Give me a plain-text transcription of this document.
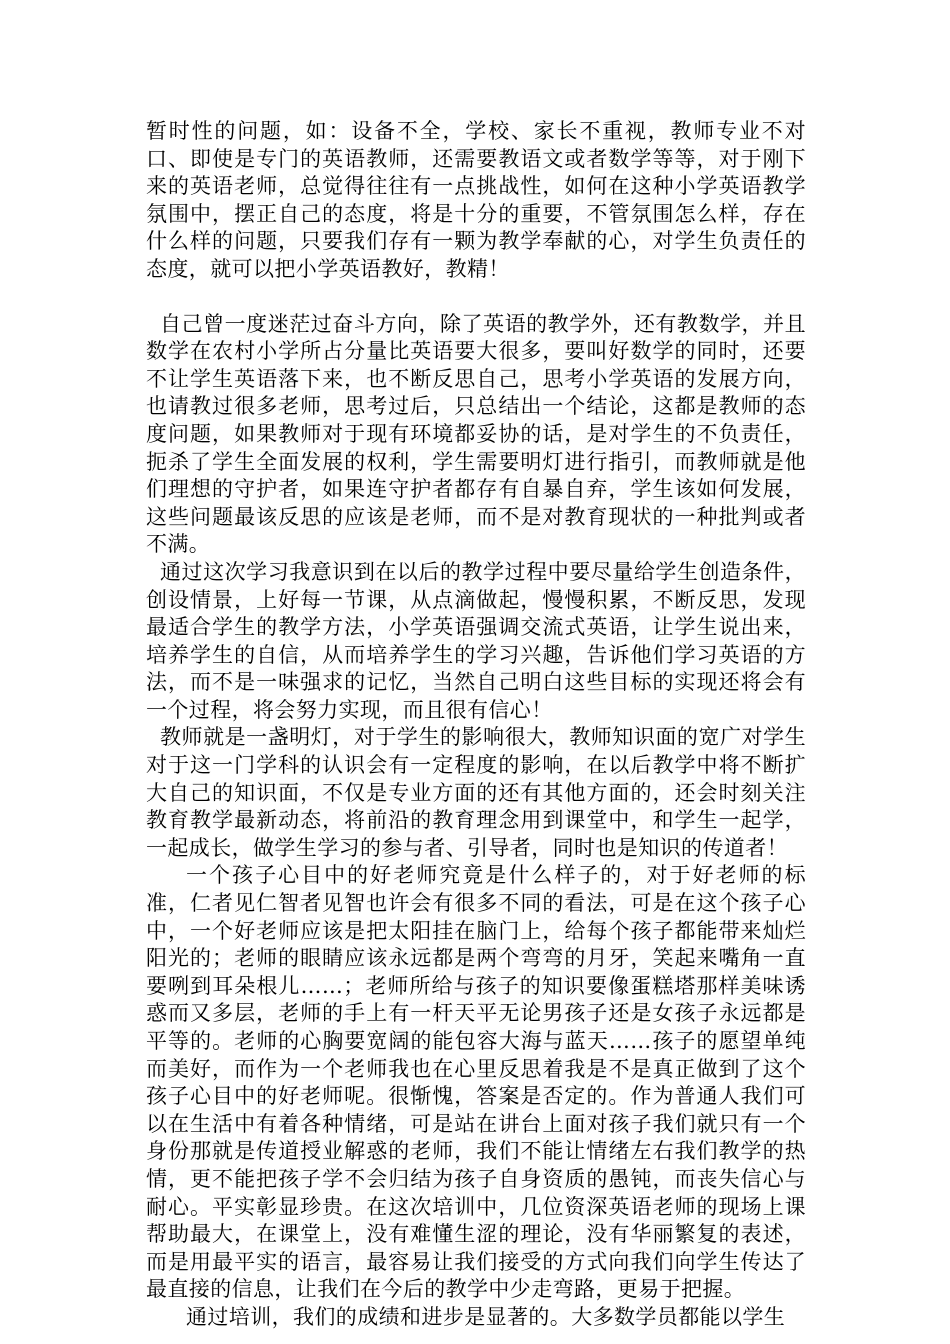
暂时性的问题，如：设备不全，学校、家长不重视，教师专业不对口、即使是专门的英语教师，还需要教语文或者数学等等，对于刚下来的英语老师，总觉得往往有一点挑战性，如何在这种小学英语教学氛围中，摆正自己的态度，将是十分的重要，不管氛围怎么样，存在什么样的问题，只要我们存有一颗为教学奉献的心，对学生负责任的态度，就可以把小学英语教好，教精！

自己曾一度迷茫过奋斗方向，除了英语的教学外，还有教数学，并且数学在农村小学所占分量比英语要大很多，要叫好数学的同时，还要不让学生英语落下来，也不断反思自己，思考小学英语的发展方向，也请教过很多老师，思考过后，只总结出一个结论，这都是教师的态度问题，如果教师对于现有环境都妥协的话，是对学生的不负责任，扼杀了学生全面发展的权利，学生需要明灯进行指引，而教师就是他们理想的守护者，如果连守护者都存有自暴自弃，学生该如何发展，这些问题最该反思的应该是老师，而不是对教育现状的一种批判或者不满。

通过这次学习我意识到在以后的教学过程中要尽量给学生创造条件，创设情景，上好每一节课，从点滴做起，慢慢积累，不断反思，发现最适合学生的教学方法，小学英语强调交流式英语，让学生说出来，培养学生的自信，从而培养学生的学习兴趣，告诉他们学习英语的方法，而不是一味强求的记忆，当然自己明白这些目标的实现还将会有一个过程，将会努力实现，而且很有信心！

教师就是一盏明灯，对于学生的影响很大，教师知识面的宽广对学生对于这一门学科的认识会有一定程度的影响，在以后教学中将不断扩大自己的知识面，不仅是专业方面的还有其他方面的，还会时刻关注教育教学最新动态，将前沿的教育理念用到课堂中，和学生一起学，一起成长，做学生学习的参与者、引导者，同时也是知识的传道者！

一个孩子心目中的好老师究竟是什么样子的，对于好老师的标准，仁者见仁智者见智也许会有很多不同的看法，可是在这个孩子心中，一个好老师应该是把太阳挂在脑门上，给每个孩子都能带来灿烂阳光的；老师的眼睛应该永远都是两个弯弯的月牙，笑起来嘴角一直要咧到耳朵根儿……；老师所给与孩子的知识要像蛋糕塔那样美味诱惑而又多层，老师的手上有一杆天平无论男孩子还是女孩子永远都是平等的。老师的心胸要宽阔的能包容大海与蓝天……孩子的愿望单纯而美好，而作为一个老师我也在心里反思着我是不是真正做到了这个孩子心目中的好老师呢。很惭愧，答案是否定的。作为普通人我们可以在生活中有着各种情绪，可是站在讲台上面对孩子我们就只有一个身份那就是传道授业解惑的老师，我们不能让情绪左右我们教学的热情，更不能把孩子学不会归结为孩子自身资质的愚钝，而丧失信心与耐心。平实彰显珍贵。在这次培训中，几位资深英语老师的现场上课帮助最大，在课堂上，没有难懂生涩的理论，没有华丽繁复的表述，而是用最平实的语言，最容易让我们接受的方式向我们向学生传达了最直接的信息，让我们在今后的教学中少走弯路，更易于把握。

通过培训，我们的成绩和进步是显著的。大多数学员都能以学生
